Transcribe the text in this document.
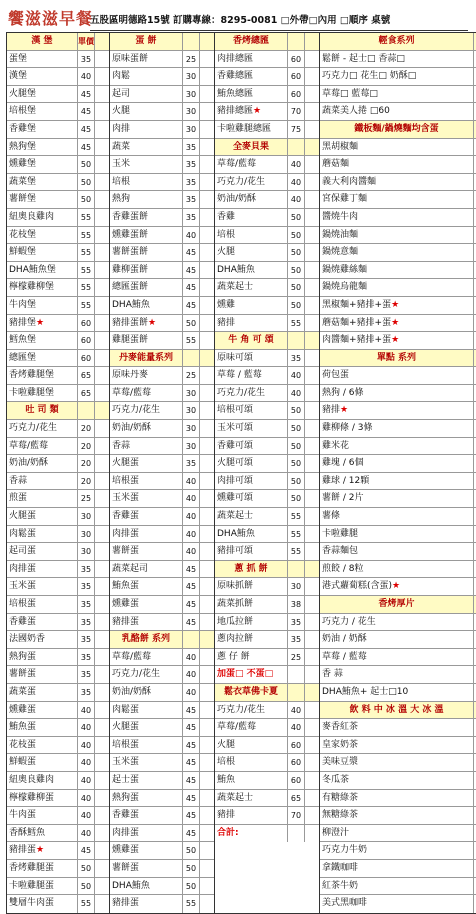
饗滋滋早餐
五股區明德路15號 訂購專線：8295-0081 □外帶□內用 □順序 桌號
漢 堡	單價
蛋堡	35
漢堡	40
火腿堡	45
培根堡	45
香雞堡	45
熱狗堡	45
燻雞堡	50
蔬菜堡	50
薯餅堡	50
紐奧良雞肉	55
花枝堡	55
鮮蝦堡	55
DHA鮪魚堡	55
檸檬雞柳堡	55
牛肉堡	55
豬排堡★	60
鱈魚堡	60
總匯堡	60
香烤雞腿堡	65
卡啦雞腿堡	65
吐 司 類
巧克力/花生	20
草莓/藍莓	20
奶油/奶酥	20
香蒜	20
煎蛋	25
火腿蛋	30
肉鬆蛋	30
起司蛋	30
肉排蛋	35
玉米蛋	35
培根蛋	35
香雞蛋	35
法國奶香	35
熱狗蛋	35
薯餅蛋	35
蔬菜蛋	35
燻雞蛋	40
鮪魚蛋	40
花枝蛋	40
鮮蝦蛋	40
紐奧良雞肉	40
檸檬雞柳蛋	40
牛肉蛋	40
香酥鱈魚	40
豬排蛋★	45
香烤雞腿蛋	50
卡啦雞腿蛋	50
雙層牛肉蛋	55
蛋 餅
原味蛋餅	25
肉鬆	30
起司	30
火腿	30
肉排	30
蔬菜	35
玉米	35
培根	35
熱狗	35
香雞蛋餅	35
燻雞蛋餅	40
薯餅蛋餅	45
雞柳蛋餅	45
總匯蛋餅	45
DHA鮪魚	45
豬排蛋餅★	50
雞腿蛋餅	55
丹麥能量系列
原味丹麥	25
草莓/藍莓	30
巧克力/花生	30
奶油/奶酥	30
香蒜	30
火腿蛋	35
培根蛋	40
玉米蛋	40
香雞蛋	40
肉排蛋	40
薯餅蛋	40
蔬菜起司	45
鮪魚蛋	45
燻雞蛋	45
豬排蛋	45
乳酪餅 系列
草莓/藍莓	40
巧克力/花生	40
奶油/奶酥	40
肉鬆蛋	45
火腿蛋	45
培根蛋	45
玉米蛋	45
起士蛋	45
熱狗蛋	45
香雞蛋	45
肉排蛋	45
燻雞蛋	50
薯餅蛋	50
DHA鮪魚	50
豬排蛋	55
香烤總匯
肉排總匯	60
香雞總匯	60
鮪魚總匯	60
豬排總匯★	70
卡啦雞腿總匯	75
全麥貝果
草莓/藍莓	40
巧克力/花生	40
奶油/奶酥	40
香雞	50
培根	50
火腿	50
DHA鮪魚	50
蔬菜起士	50
燻雞	50
豬排	55
牛 角 可 頌
原味可頌	35
草莓 / 藍莓	40
巧克力/花生	40
培根可頌	50
玉米可頌	50
香雞可頌	50
火腿可頌	50
肉排可頌	50
燻雞可頌	50
蔬菜起士	55
DHA鮪魚	55
豬排可頌	55
蔥 抓 餅
原味抓餅	30
蔬菜抓餅	38
地瓜拉餅	35
蔥肉拉餅	35
蔥 仔 餅	25
加蛋□ 不蛋□
鬆衣草佛卡夏
巧克力/花生	40
草莓/藍莓	40
火腿	60
培根	60
鮪魚	60
蔬菜起士	65
豬排	70
合計:
輕食系列
鬆餅 - 起士□ 香蒜□
巧克力□ 花生□ 奶酥□
草莓□ 藍莓□
蔬菜美人捲 □60
鐵板麵/鍋燒麵均含蛋
黑胡椒麵
蘑菇麵
義大利肉醬麵
宮保雞丁麵
醬燒牛肉
鍋燒油麵
鍋燒意麵
鍋燒雞絲麵
鍋燒烏龍麵
黑椒麵+豬排+蛋★
蘑菇麵+豬排+蛋★
肉醬麵+豬排+蛋★
單點 系列
荷包蛋
熱狗 / 6條
豬排★
雞柳條 / 3條
雞米花
雞塊 / 6個
雞球 / 12顆
薯餅 / 2片
薯條
卡啦雞腿
香蒜麵包
煎餃 / 8粒
港式蘿蔔糕(含蛋)★
香烤厚片
巧克力 / 花生
奶油 / 奶酥
草莓 / 藍莓
香 蒜
DHA鮪魚+ 起士□10
飲 料 中 冰 溫 大 冰 溫
麥香紅茶
皇家奶茶
美味豆漿
冬瓜茶
有糖綠茶
無糖綠茶
柳澄汁
巧克力牛奶
拿鐵咖啡
紅茶牛奶
美式黑咖啡
